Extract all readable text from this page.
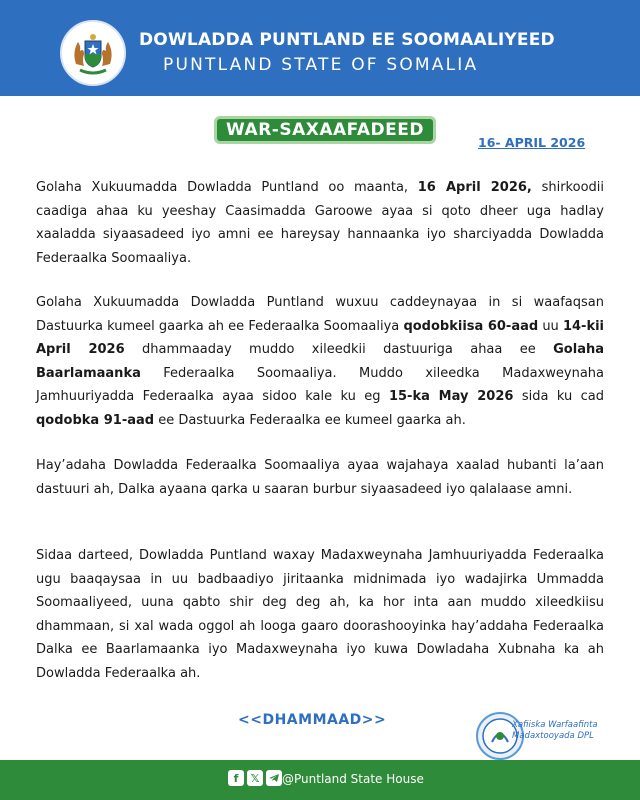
DOWLADDA PUNTLAND EE SOOMAALIYEED
PUNTLAND STATE OF SOMALIA
WAR-SAXAAFADEED
16- APRIL 2026

Golaha Xukuumadda Dowladda Puntland oo maanta, 16 April 2026, shirkoodii caadiga ahaa ku yeeshay Caasimadda Garoowe ayaa si qoto dheer uga hadlay xaaladda siyaasadeed iyo amni ee hareysay hannaanka iyo sharciyadda Dowladda Federaalka Soomaaliya.

Golaha Xukuumadda Dowladda Puntland wuxuu caddeynayaa in si waafaqsan Dastuurka kumeel gaarka ah ee Federaalka Soomaaliya qodobkiisa 60-aad uu 14-kii April 2026 dhammaaday muddo xileedkii dastuuriga ahaa ee Golaha Baarlamaanka Federaalka Soomaaliya. Muddo xileedka Madaxweynaha Jamhuuriyadda Federaalka ayaa sidoo kale ku eg 15-ka May 2026 sida ku cad qodobka 91-aad ee Dastuurka Federaalka ee kumeel gaarka ah.

Hay’adaha Dowladda Federaalka Soomaaliya ayaa wajahaya xaalad hubanti la’aan dastuuri ah, Dalka ayaana qarka u saaran burbur siyaasadeed iyo qalalaase amni.

Sidaa darteed, Dowladda Puntland waxay Madaxweynaha Jamhuuriyadda Federaalka ugu baaqaysaa in uu badbaadiyo jiritaanka midnimada iyo wadajirka Ummadda Soomaaliyeed, uuna qabto shir deg deg ah, ka hor inta aan muddo xileedkiisu dhammaan, si xal wada oggol ah looga gaaro doorashooyinka hay’addaha Federaalka Dalka ee Baarlamaanka iyo Madaxweynaha iyo kuwa Dowladaha Xubnaha ka ah Dowladda Federaalka ah.

<<DHAMMAAD>>	Xafiiska Warfaafinta
Madaxtooyada DPL
f	𝕏 @Puntland State House
